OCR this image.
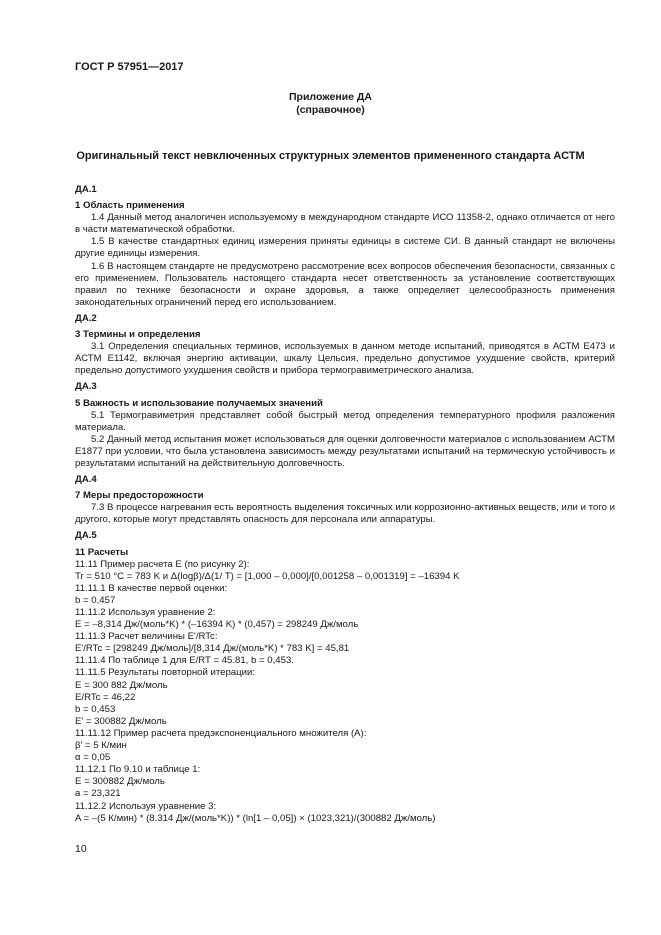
ГОСТ Р 57951—2017
Приложение ДА
(справочное)
Оригинальный текст невключенных структурных элементов примененного стандарта АСТМ
ДА.1
1 Область применения
1.4 Данный метод аналогичен используемому в международном стандарте ИСО 11358-2, однако отличается от него в части математической обработки.
1.5 В качестве стандартных единиц измерения приняты единицы в системе СИ. В данный стандарт не включены другие единицы измерения.
1.6 В настоящем стандарте не предусмотрено рассмотрение всех вопросов обеспечения безопасности, связанных с его применением. Пользователь настоящего стандарта несет ответственность за установление соответствующих правил по технике безопасности и охране здоровья, а также определяет целесообразность применения законодательных ограничений перед его использованием.
ДА.2
3 Термины и определения
3.1 Определения специальных терминов, используемых в данном методе испытаний, приводятся в АСТМ Е473 и АСТМ Е1142, включая энергию активации, шкалу Цельсия, предельно допустимое ухудшение свойств, критерий предельно допустимого ухудшения свойств и прибора термогравиметрического анализа.
ДА.3
5 Важность и использование получаемых значений
5.1 Термогравиметрия представляет собой быстрый метод определения температурного профиля разложения материала.
5.2 Данный метод испытания может использоваться для оценки долговечности материалов с использованием АСТМ Е1877 при условии, что была установлена зависимость между результатами испытаний на термическую устойчивость и результатами испытаний на действительную долговечность.
ДА.4
7 Меры предосторожности
7.3 В процессе нагревания есть вероятность выделения токсичных или коррозионно-активных веществ, или и того и другого, которые могут представлять опасность для персонала или аппаратуры.
ДА.5
11 Расчеты
11.11 Пример расчета E (по рисунку 2):
Tr = 510 °C = 783 K и Δ(logβ)/Δ(1/ T) = [1,000 – 0,000]/[0,001258 – 0,001319] = –16394 K
11.11.1 В качестве первой оценки:
b = 0,457
11.11.2 Используя уравнение 2:
E = –8,314 Дж/(моль*K) * (–16394 K) * (0,457) = 298249 Дж/моль
11.11.3 Расчет величины E'/RTc:
E'/RTc = [298249 Дж/моль]/[8,314 Дж/(моль*K) * 783 K] = 45,81
11.11.4 По таблице 1 для E/RT = 45.81, b = 0,453.
11.11.5 Результаты повторной итерации:
E = 300 882 Дж/моль
E/RTc = 46,22
b = 0,453
E' = 300882 Дж/моль
11.11.12 Пример расчета предэкспоненциального множителя (A):
β' = 5 К/мин
α = 0,05
11.12.1 По 9.10 и таблице 1:
E = 300882 Дж/моль
a = 23,321
11.12.2 Используя уравнение 3:
A = –(5 К/мин) * (8.314 Дж/(моль*K)) * (ln[1 – 0,05]) × (1023,321)/(300882 Дж/моль)
10
